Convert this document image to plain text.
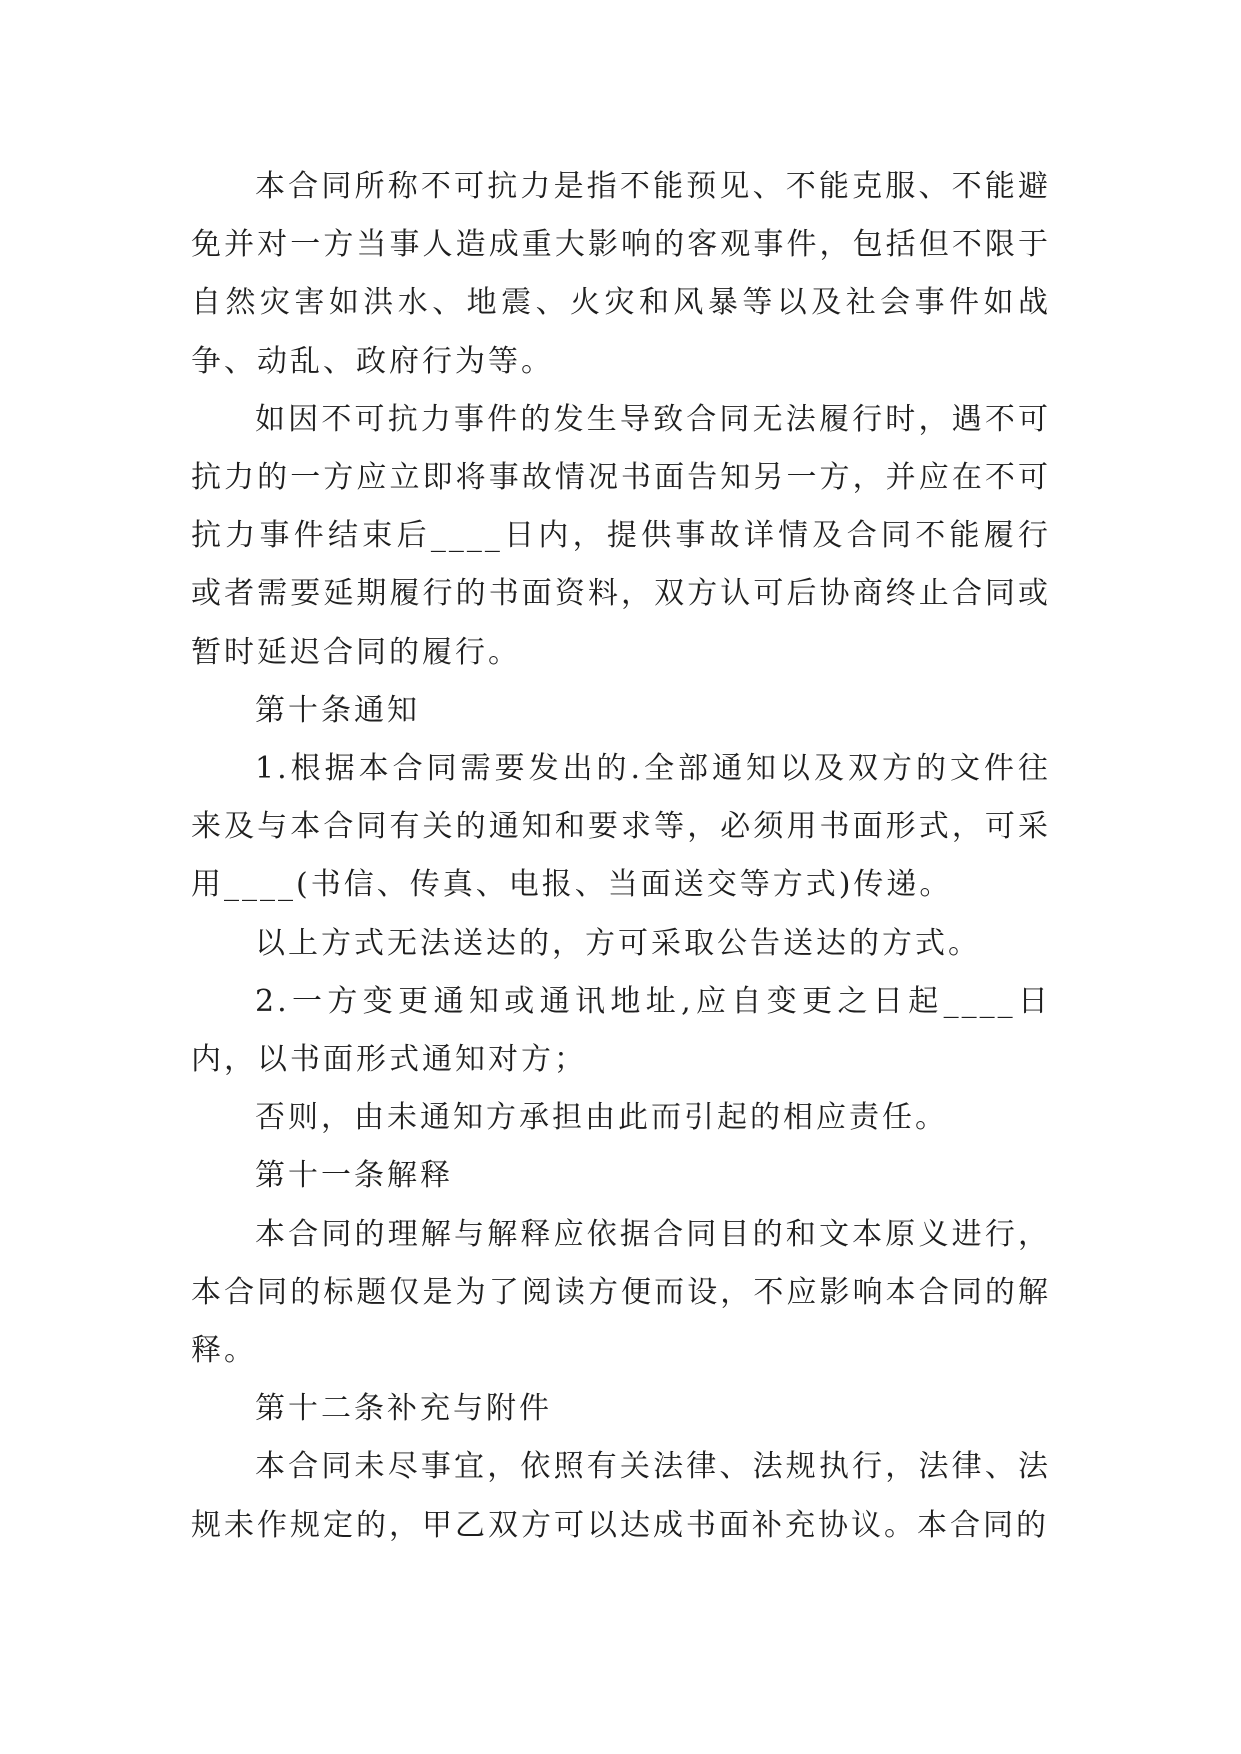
本合同所称不可抗力是指不能预见、不能克服、不能避免并对一方当事人造成重大影响的客观事件，包括但不限于自然灾害如洪水、地震、火灾和风暴等以及社会事件如战争、动乱、政府行为等。

如因不可抗力事件的发生导致合同无法履行时，遇不可抗力的一方应立即将事故情况书面告知另一方，并应在不可抗力事件结束后____日内，提供事故详情及合同不能履行或者需要延期履行的书面资料，双方认可后协商终止合同或暂时延迟合同的履行。

第十条通知

1.根据本合同需要发出的.全部通知以及双方的文件往来及与本合同有关的通知和要求等，必须用书面形式，可采用____(书信、传真、电报、当面送交等方式)传递。

以上方式无法送达的，方可采取公告送达的方式。

2.一方变更通知或通讯地址,应自变更之日起____日内，以书面形式通知对方；

否则，由未通知方承担由此而引起的相应责任。

第十一条解释

本合同的理解与解释应依据合同目的和文本原义进行，本合同的标题仅是为了阅读方便而设，不应影响本合同的解释。

第十二条补充与附件

本合同未尽事宜，依照有关法律、法规执行，法律、法规未作规定的，甲乙双方可以达成书面补充协议。本合同的
